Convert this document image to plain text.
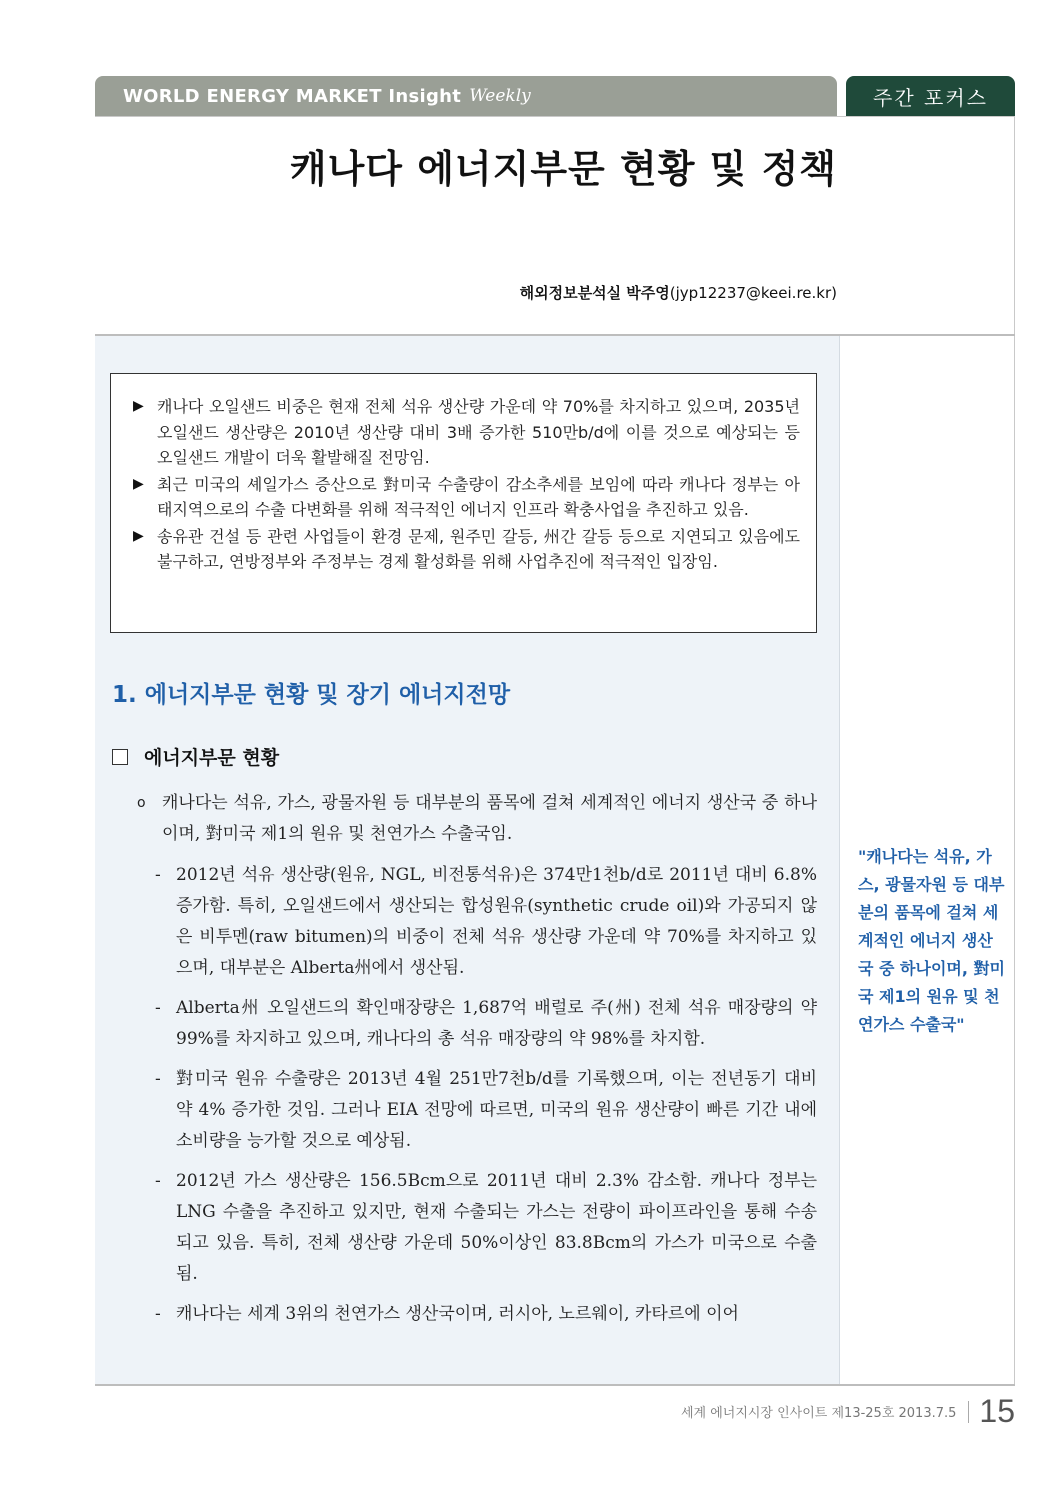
WORLD ENERGY MARKET Insight Weekly	주간 포커스
캐나다 에너지부문 현황 및 정책
해외정보분석실 박주영(jyp12237@keei.re.kr)
▶ 캐나다 오일샌드 비중은 현재 전체 석유 생산량 가운데 약 70%를 차지하고 있으며, 2035년 오일샌드 생산량은 2010년 생산량 대비 3배 증가한 510만b/d에 이를 것으로 예상되는 등 오일샌드 개발이 더욱 활발해질 전망임.
▶ 최근 미국의 셰일가스 증산으로 對미국 수출량이 감소추세를 보임에 따라 캐나다 정부는 아태지역으로의 수출 다변화를 위해 적극적인 에너지 인프라 확충사업을 추진하고 있음.
▶ 송유관 건설 등 관련 사업들이 환경 문제, 원주민 갈등, 州간 갈등 등으로 지연되고 있음에도 불구하고, 연방정부와 주정부는 경제 활성화를 위해 사업추진에 적극적인 입장임.
1. 에너지부문 현황 및 장기 에너지전망
에너지부문 현황
o 캐나다는 석유, 가스, 광물자원 등 대부분의 품목에 걸쳐 세계적인 에너지 생산국 중 하나이며, 對미국 제1의 원유 및 천연가스 수출국임.
- 2012년 석유 생산량(원유, NGL, 비전통석유)은 374만1천b/d로 2011년 대비 6.8% 증가함. 특히, 오일샌드에서 생산되는 합성원유(synthetic crude oil)와 가공되지 않은 비투멘(raw bitumen)의 비중이 전체 석유 생산량 가운데 약 70%를 차지하고 있으며, 대부분은 Alberta州에서 생산됨.
- Alberta州 오일샌드의 확인매장량은 1,687억 배럴로 주(州) 전체 석유 매장량의 약 99%를 차지하고 있으며, 캐나다의 총 석유 매장량의 약 98%를 차지함.
- 對미국 원유 수출량은 2013년 4월 251만7천b/d를 기록했으며, 이는 전년동기 대비 약 4% 증가한 것임. 그러나 EIA 전망에 따르면, 미국의 원유 생산량이 빠른 기간 내에 소비량을 능가할 것으로 예상됨.
- 2012년 가스 생산량은 156.5Bcm으로 2011년 대비 2.3% 감소함. 캐나다 정부는 LNG 수출을 추진하고 있지만, 현재 수출되는 가스는 전량이 파이프라인을 통해 수송되고 있음. 특히, 전체 생산량 가운데 50%이상인 83.8Bcm의 가스가 미국으로 수출됨.
- 캐나다는 세계 3위의 천연가스 생산국이며, 러시아, 노르웨이, 카타르에 이어
"캐나다는 석유, 가스, 광물자원 등 대부분의 품목에 걸쳐 세계적인 에너지 생산국 중 하나이며, 對미국 제1의 원유 및 천연가스 수출국"
세계 에너지시장 인사이트 제13-25호 2013.7.5 15
